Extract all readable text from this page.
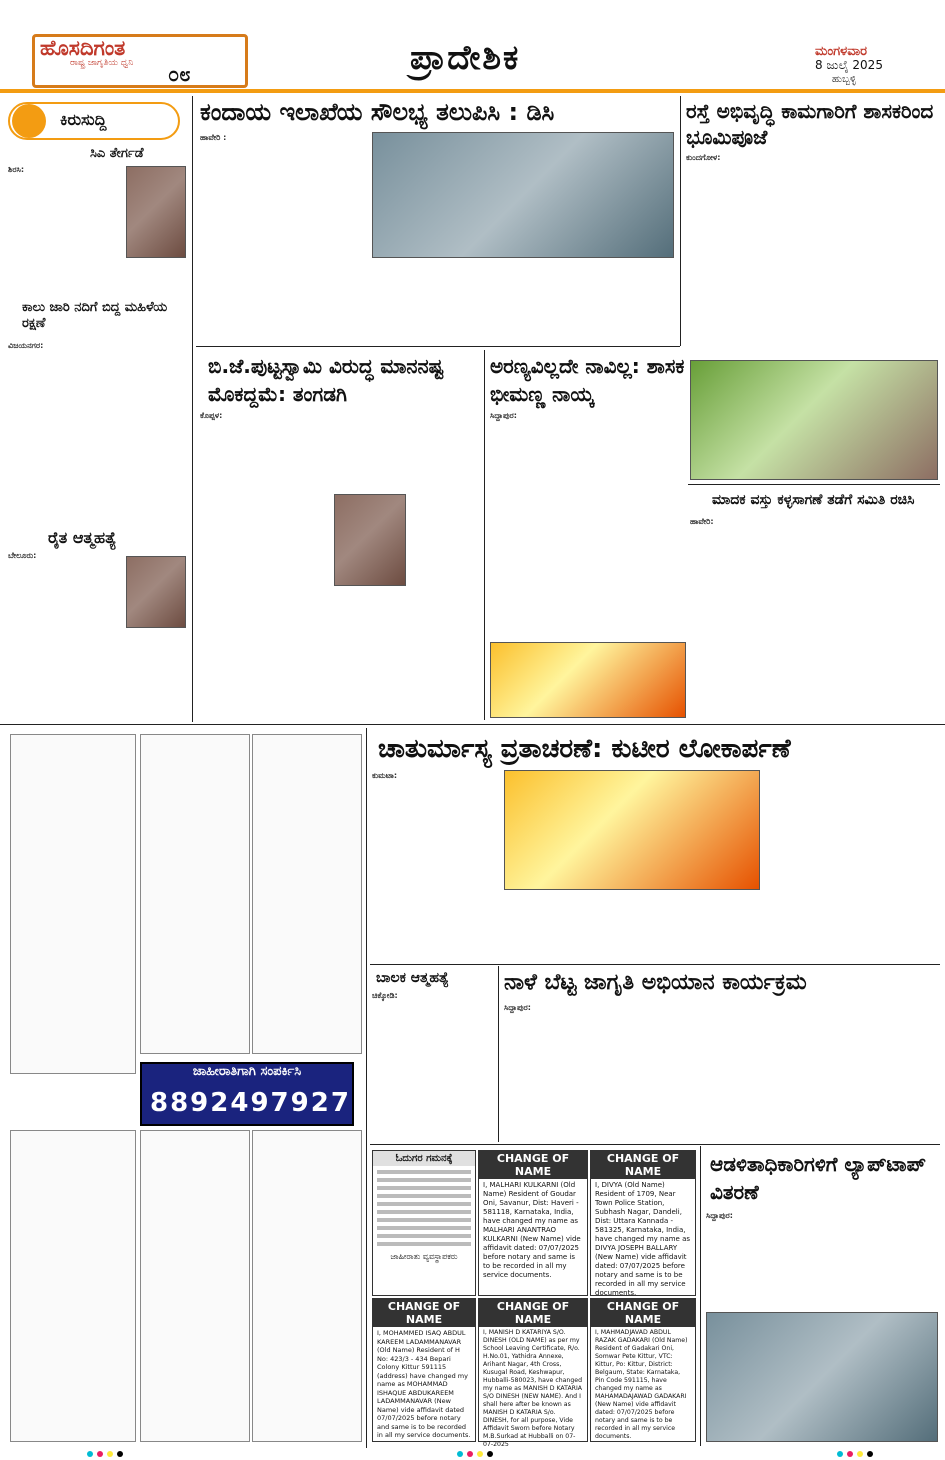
ಹೊಸದಿಗಂತ
ರಾಷ್ಟ್ರ ಜಾಗೃತಿಯ ಧ್ವನಿ ೦೮	ಪ್ರಾದೇಶಿಕ	ಮಂಗಳವಾರ
8 ಜುಲೈ 2025
ಹುಬ್ಬಳ್ಳಿ
ಕಿರುಸುದ್ದಿ
ಸಿಎ ತೇರ್ಗಡೆ
ಶಿರಸಿ:
ಕಾಲು ಜಾರಿ ನದಿಗೆ ಬಿದ್ದ ಮಹಿಳೆಯ ರಕ್ಷಣೆ
ವಿಜಯನಗರ:
ರೈತ ಆತ್ಮಹತ್ಯೆ
ಬೇಲೂರು:
ಕಂದಾಯ ಇಲಾಖೆಯ ಸೌಲಭ್ಯ ತಲುಪಿಸಿ : ಡಿಸಿ
ಹಾವೇರಿ :
ರಸ್ತೆ ಅಭಿವೃದ್ಧಿ ಕಾಮಗಾರಿಗೆ ಶಾಸಕರಿಂದ ಭೂಮಿಪೂಜೆ
ಕುಂದಗೋಳ:
ಬಿ.ಜೆ.ಪುಟ್ಟಸ್ವಾಮಿ ವಿರುದ್ಧ ಮಾನನಷ್ಟ ಮೊಕದ್ದಮೆ: ತಂಗಡಗಿ
ಕೊಪ್ಪಳ:
ಅರಣ್ಯವಿಲ್ಲದೇ ನಾವಿಲ್ಲ: ಶಾಸಕ ಭೀಮಣ್ಣ ನಾಯ್ಕ
ಸಿದ್ದಾಪುರ:
ಮಾದಕ ವಸ್ತು ಕಳ್ಳಸಾಗಣೆ ತಡೆಗೆ ಸಮಿತಿ ರಚಿಸಿ
ಹಾವೇರಿ:
ಜಾಹೀರಾತಿಗಾಗಿ ಸಂಪರ್ಕಿಸಿ
8892497927
ಚಾತುರ್ಮಾಸ್ಯ ವ್ರತಾಚರಣೆ: ಕುಟೀರ ಲೋಕಾರ್ಪಣೆ
ಕುಮಟಾ:
ಬಾಲಕ ಆತ್ಮಹತ್ಯೆ
ಚಿಕ್ಕೋಡಿ:
ನಾಳೆ ಬೆಟ್ಟ ಜಾಗೃತಿ ಅಭಿಯಾನ ಕಾರ್ಯಕ್ರಮ
ಸಿದ್ದಾಪುರ:
ಓದುಗರ ಗಮನಕ್ಕೆ
ಜಾಹೀರಾತು ವ್ಯವಸ್ಥಾಪಕರು
CHANGE OF NAME
I, MALHARI KULKARNI (Old Name) Resident of Goudar Oni, Savanur, Dist: Haveri - 581118, Karnataka, India, have changed my name as MALHARI ANANTRAO KULKARNI (New Name) vide affidavit dated: 07/07/2025 before notary and same is to be recorded in all my service documents.
CHANGE OF NAME
I, DIVYA (Old Name) Resident of 1709, Near Town Police Station, Subhash Nagar, Dandeli, Dist: Uttara Kannada - 581325, Karnataka, India, have changed my name as DIVYA JOSEPH BALLARY (New Name) vide affidavit dated: 07/07/2025 before notary and same is to be recorded in all my service documents.
CHANGE OF NAME
I, MOHAMMED ISAQ ABDUL KAREEM LADAMMANAVAR (Old Name) Resident of H No: 423/3 - 434 Bepari Colony Kittur 591115 (address) have changed my name as MOHAMMAD ISHAQUE ABDUKAREEM LADAMMANAVAR (New Name) vide affidavit dated 07/07/2025 before notary and same is to be recorded in all my service documents.
CHANGE OF NAME
I, MANISH D KATARIYA S/O. DINESH (OLD NAME) as per my School Leaving Certificate, R/o. H.No.01, Yathidra Annexe, Arihant Nagar, 4th Cross, Kusugal Road, Keshwapur, Hubballi-580023, have changed my name as MANISH D KATARIA S/O DINESH (NEW NAME). And I shall here after be known as MANISH D KATARIA S/o. DINESH, for all purpose, Vide Affidavit Sworn before Notary M.B.Surkad at Hubballi on 07-07-2025
CHANGE OF NAME
I, MAHMADJAVAD ABDUL RAZAK GADAKARI (Old Name) Resident of Gadakari Oni, Somwar Pete Kittur, VTC: Kittur, Po: Kittur, District: Belgaum, State: Karnataka, Pin Code 591115, have changed my name as MAHAMADAJAWAD GADAKARI (New Name) vide affidavit dated: 07/07/2025 before notary and same is to be recorded in all my service documents.
ಆಡಳಿತಾಧಿಕಾರಿಗಳಿಗೆ ಲ್ಯಾಪ್‌ಟಾಪ್ ವಿತರಣೆ
ಸಿದ್ದಾಪುರ:
